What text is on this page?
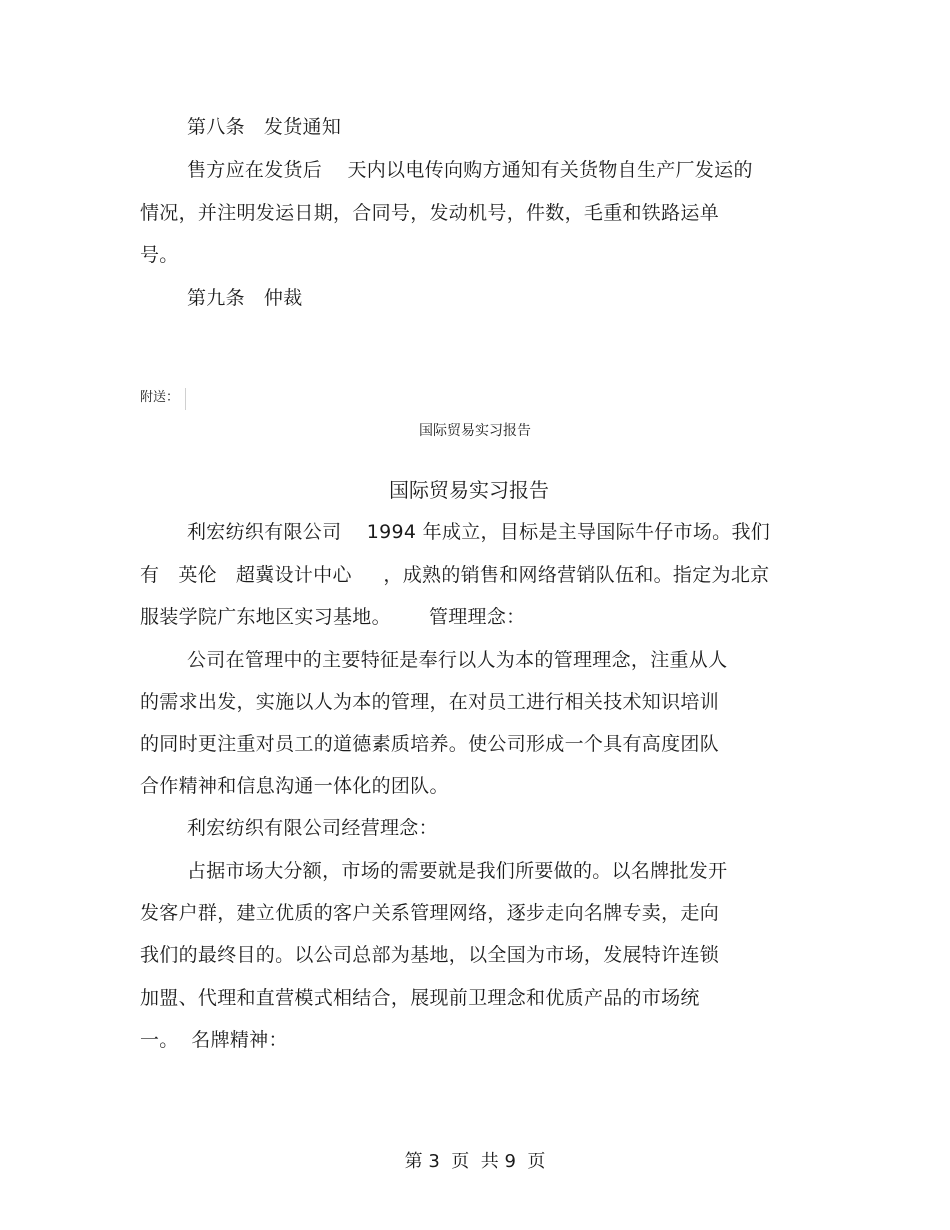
第八条   发货通知
售方应在发货后    天内以电传向购方通知有关货物自生产厂发运的
情况，并注明发运日期，合同号，发动机号，件数，毛重和铁路运单
号。
第九条   仲裁
附送：
国际贸易实习报告
国际贸易实习报告
利宏纺织有限公司    1994 年成立，目标是主导国际牛仔市场。我们
有   英伦   超冀设计中心     ，成熟的销售和网络营销队伍和。指定为北京
服装学院广东地区实习基地。      管理理念：
公司在管理中的主要特征是奉行以人为本的管理理念，注重从人
的需求出发，实施以人为本的管理，在对员工进行相关技术知识培训
的同时更注重对员工的道德素质培养。使公司形成一个具有高度团队
合作精神和信息沟通一体化的团队。
利宏纺织有限公司经营理念：
占据市场大分额，市场的需要就是我们所要做的。以名牌批发开
发客户群，建立优质的客户关系管理网络，逐步走向名牌专卖，走向
我们的最终目的。以公司总部为基地，以全国为市场，发展特许连锁
加盟、代理和直营模式相结合，展现前卫理念和优质产品的市场统
一。  名牌精神：
第 3  页  共 9  页
